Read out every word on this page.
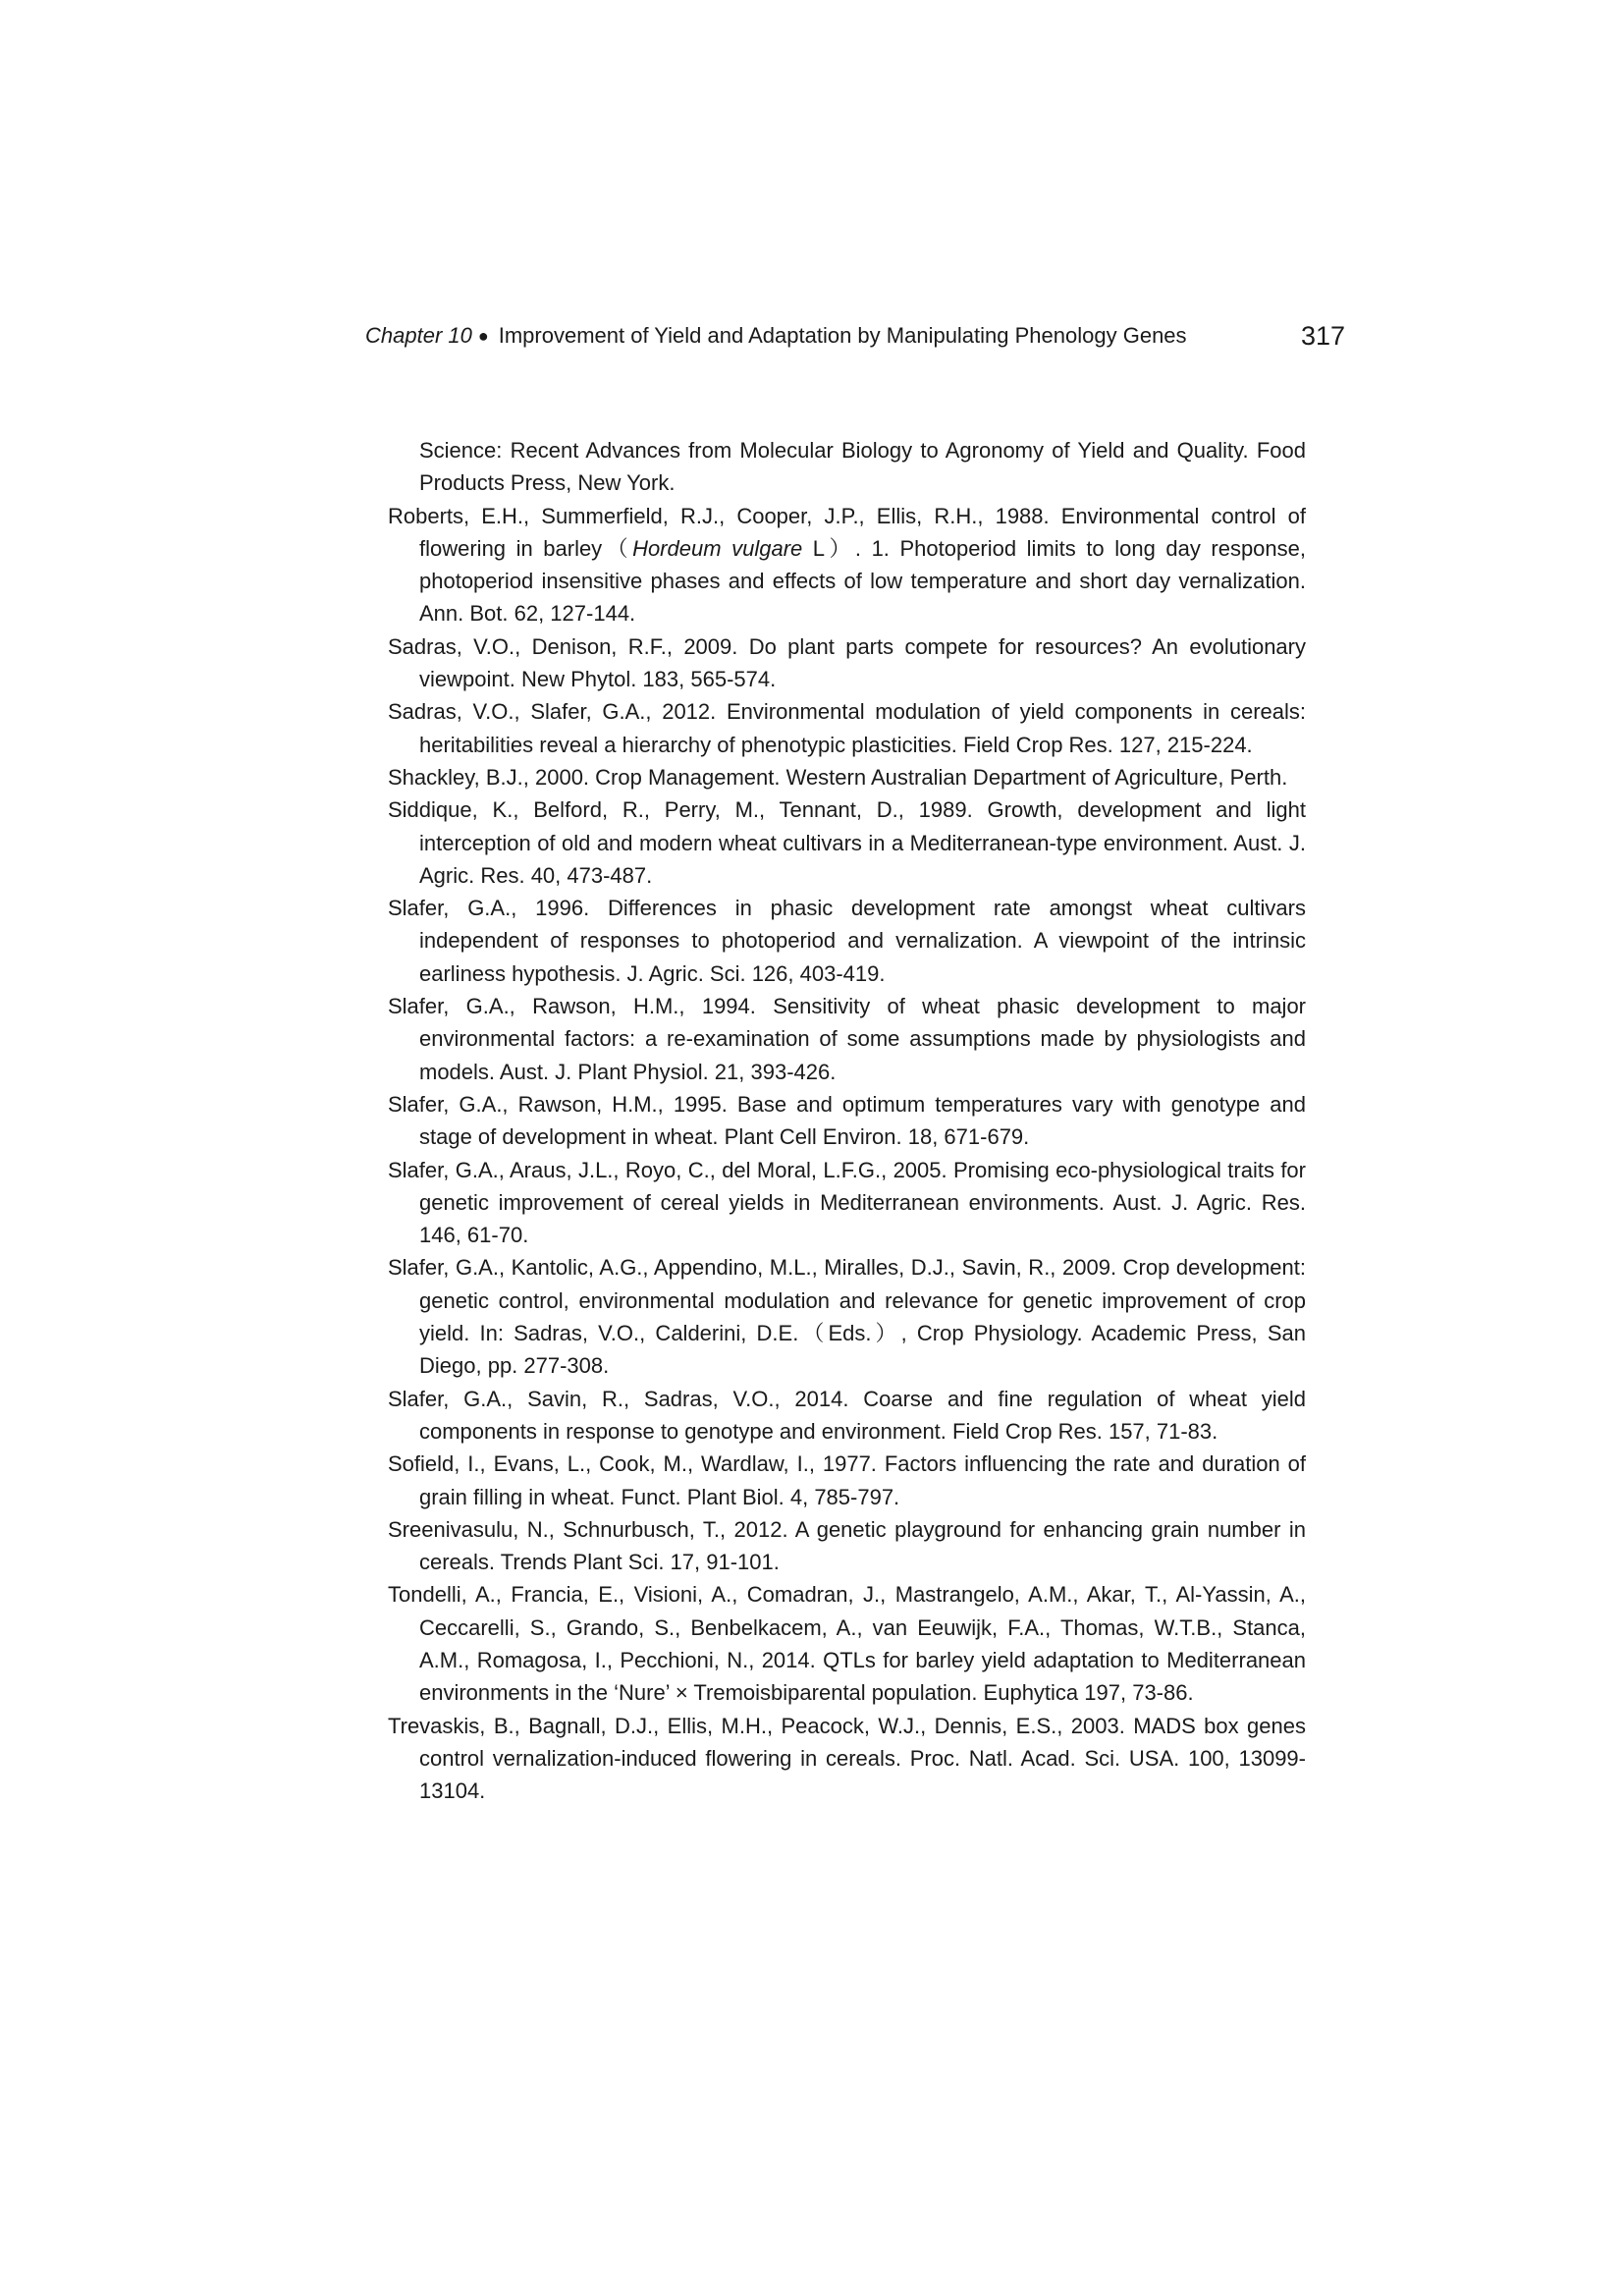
Chapter 10 ● Improvement of Yield and Adaptation by Manipulating Phenology Genes	317

Science: Recent Advances from Molecular Biology to Agronomy of Yield and Quality. Food Products Press, New York.

Roberts, E.H., Summerfield, R.J., Cooper, J.P., Ellis, R.H., 1988. Environmental control of flowering in barley（Hordeum vulgare L）. 1. Photoperiod limits to long day response, photoperiod insensitive phases and effects of low temperature and short day vernalization. Ann. Bot. 62, 127-144.

Sadras, V.O., Denison, R.F., 2009. Do plant parts compete for resources? An evolutionary viewpoint. New Phytol. 183, 565-574.

Sadras, V.O., Slafer, G.A., 2012. Environmental modulation of yield components in cereals: heritabilities reveal a hierarchy of phenotypic plasticities. Field Crop Res. 127, 215-224.

Shackley, B.J., 2000. Crop Management. Western Australian Department of Agriculture, Perth.

Siddique, K., Belford, R., Perry, M., Tennant, D., 1989. Growth, development and light interception of old and modern wheat cultivars in a Mediterranean-type environment. Aust. J. Agric. Res. 40, 473-487.

Slafer, G.A., 1996. Differences in phasic development rate amongst wheat cultivars independent of responses to photoperiod and vernalization. A viewpoint of the intrinsic earliness hypothesis. J. Agric. Sci. 126, 403-419.

Slafer, G.A., Rawson, H.M., 1994. Sensitivity of wheat phasic development to major environmental factors: a re-examination of some assumptions made by physiologists and models. Aust. J. Plant Physiol. 21, 393-426.

Slafer, G.A., Rawson, H.M., 1995. Base and optimum temperatures vary with genotype and stage of development in wheat. Plant Cell Environ. 18, 671-679.

Slafer, G.A., Araus, J.L., Royo, C., del Moral, L.F.G., 2005. Promising eco-physiological traits for genetic improvement of cereal yields in Mediterranean environments. Aust. J. Agric. Res. 146, 61-70.

Slafer, G.A., Kantolic, A.G., Appendino, M.L., Miralles, D.J., Savin, R., 2009. Crop development: genetic control, environmental modulation and relevance for genetic improvement of crop yield. In: Sadras, V.O., Calderini, D.E.（Eds.）, Crop Physiology. Academic Press, San Diego, pp. 277-308.

Slafer, G.A., Savin, R., Sadras, V.O., 2014. Coarse and fine regulation of wheat yield components in response to genotype and environment. Field Crop Res. 157, 71-83.

Sofield, I., Evans, L., Cook, M., Wardlaw, I., 1977. Factors influencing the rate and duration of grain filling in wheat. Funct. Plant Biol. 4, 785-797.

Sreenivasulu, N., Schnurbusch, T., 2012. A genetic playground for enhancing grain number in cereals. Trends Plant Sci. 17, 91-101.

Tondelli, A., Francia, E., Visioni, A., Comadran, J., Mastrangelo, A.M., Akar, T., Al-Yassin, A., Ceccarelli, S., Grando, S., Benbelkacem, A., van Eeuwijk, F.A., Thomas, W.T.B., Stanca, A.M., Romagosa, I., Pecchioni, N., 2014. QTLs for barley yield adaptation to Mediterranean environments in the ‘Nure’ × Tremoisbiparental population. Euphytica 197, 73-86.

Trevaskis, B., Bagnall, D.J., Ellis, M.H., Peacock, W.J., Dennis, E.S., 2003. MADS box genes control vernalization-induced flowering in cereals. Proc. Natl. Acad. Sci. USA. 100, 13099-13104.
